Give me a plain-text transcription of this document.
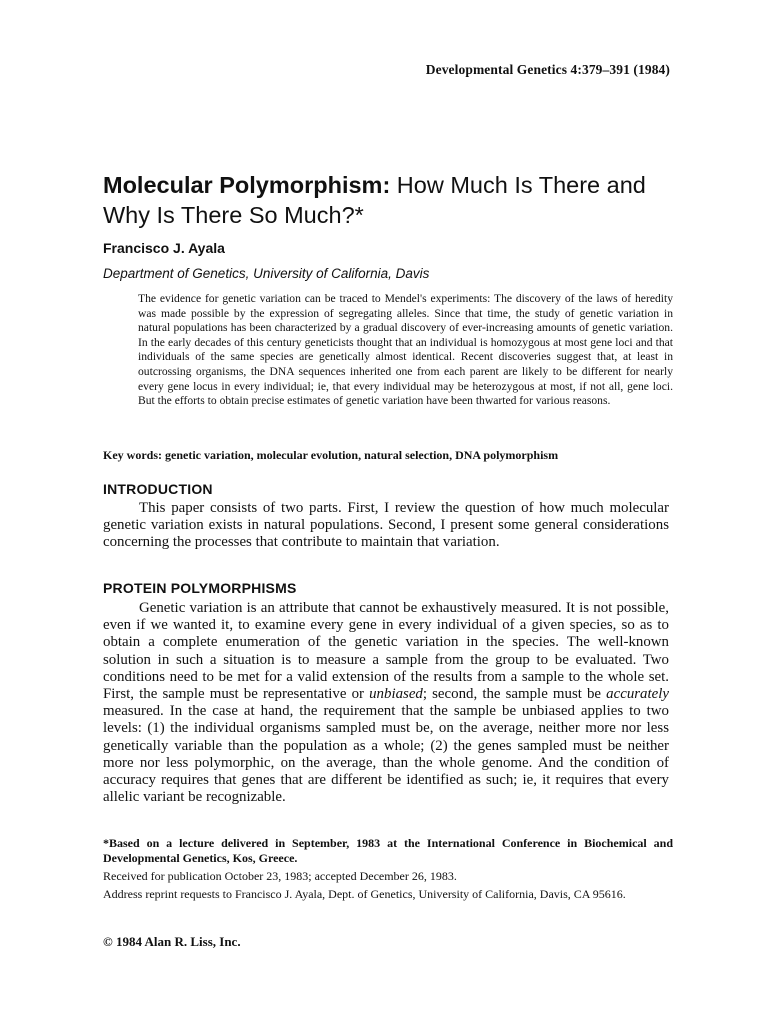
Developmental Genetics 4:379–391 (1984)
Molecular Polymorphism: How Much Is There and Why Is There So Much?*
Francisco J. Ayala
Department of Genetics, University of California, Davis

The evidence for genetic variation can be traced to Mendel's experiments: The discovery of the laws of heredity was made possible by the expression of segregating alleles. Since that time, the study of genetic variation in natural populations has been characterized by a gradual discovery of ever-increasing amounts of genetic variation. In the early decades of this century geneticists thought that an individual is homozygous at most gene loci and that individuals of the same species are genetically almost identical. Recent discoveries suggest that, at least in outcrossing organisms, the DNA sequences inherited one from each parent are likely to be different for nearly every gene locus in every individual; ie, that every individual may be heterozygous at most, if not all, gene loci. But the efforts to obtain precise estimates of genetic variation have been thwarted for various reasons.

Key words: genetic variation, molecular evolution, natural selection, DNA polymorphism
INTRODUCTION

This paper consists of two parts. First, I review the question of how much molecular genetic variation exists in natural populations. Second, I present some general considerations concerning the processes that contribute to maintain that variation.

PROTEIN POLYMORPHISMS

Genetic variation is an attribute that cannot be exhaustively measured. It is not possible, even if we wanted it, to examine every gene in every individual of a given species, so as to obtain a complete enumeration of the genetic variation in the species. The well-known solution in such a situation is to measure a sample from the group to be evaluated. Two conditions need to be met for a valid extension of the results from a sample to the whole set. First, the sample must be representative or unbiased; second, the sample must be accurately measured. In the case at hand, the requirement that the sample be unbiased applies to two levels: (1) the individual organisms sampled must be, on the average, neither more nor less genetically variable than the population as a whole; (2) the genes sampled must be neither more nor less polymorphic, on the average, than the whole genome. And the condition of accuracy requires that genes that are different be identified as such; ie, it requires that every allelic variant be recognizable.

*Based on a lecture delivered in September, 1983 at the International Conference in Biochemical and Developmental Genetics, Kos, Greece.

Received for publication October 23, 1983; accepted December 26, 1983.

Address reprint requests to Francisco J. Ayala, Dept. of Genetics, University of California, Davis, CA 95616.

© 1984 Alan R. Liss, Inc.
